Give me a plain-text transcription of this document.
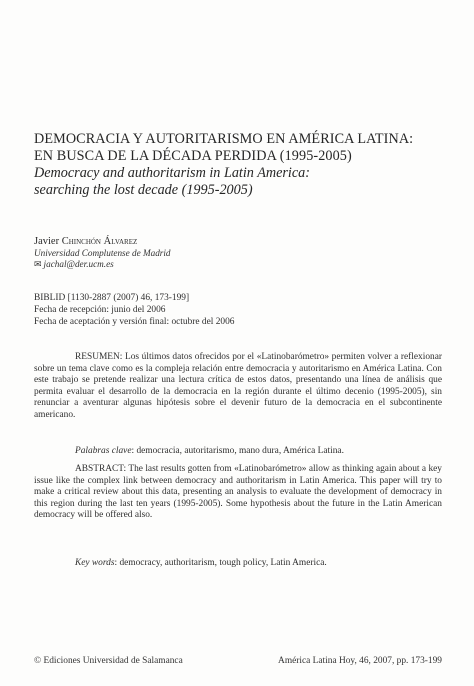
DEMOCRACIA Y AUTORITARISMO EN AMÉRICA LATINA:
EN BUSCA DE LA DÉCADA PERDIDA (1995-2005)
Democracy and authoritarism in Latin America:
searching the lost decade (1995-2005)
Javier Chinchón Álvarez
Universidad Complutense de Madrid
✉ jachal@der.ucm.es
BIBLID [1130-2887 (2007) 46, 173-199]
Fecha de recepción: junio del 2006
Fecha de aceptación y versión final: octubre del 2006

RESUMEN: Los últimos datos ofrecidos por el «Latinobarómetro» permiten volver a reflexionar sobre un tema clave como es la compleja relación entre democracia y autoritarismo en América Latina. Con este trabajo se pretende realizar una lectura crítica de estos datos, presentando una línea de análisis que permita evaluar el desarrollo de la democracia en la región durante el último decenio (1995-2005), sin renunciar a aventurar algunas hipótesis sobre el devenir futuro de la democracia en el subcontinente americano.

Palabras clave: democracia, autoritarismo, mano dura, América Latina.

ABSTRACT: The last results gotten from «Latinobarómetro» allow as thinking again about a key issue like the complex link between democracy and authoritarism in Latin America. This paper will try to make a critical review about this data, presenting an analysis to evaluate the development of democracy in this region during the last ten years (1995-2005). Some hypothesis about the future in the Latin American democracy will be offered also.

Key words: democracy, authoritarism, tough policy, Latin America.
© Ediciones Universidad de Salamanca	América Latina Hoy, 46, 2007, pp. 173-199
